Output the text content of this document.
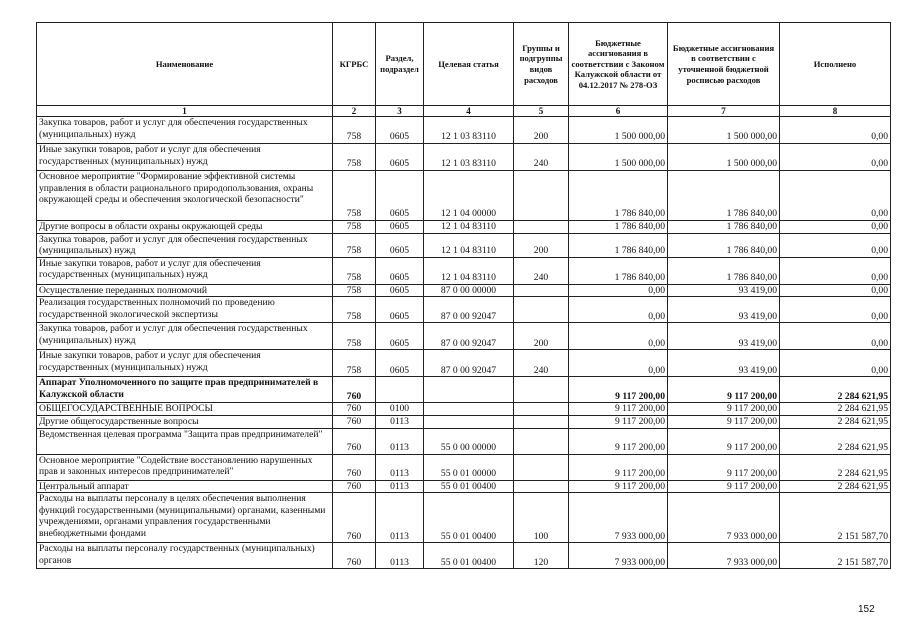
Наименование	КГРБС	Раздел, подраздел	Целевая статья	Группы и подгруппы видов расходов	Бюджетные ассигнования в соответствии с Законом Калужской области от 04.12.2017 № 278-ОЗ	Бюджетные ассигнования в соответствии с уточненной бюджетной росписью расходов	Исполнено
1	2	3	4	5	6	7	8
Закупка товаров, работ и услуг для обеспечения государственных (муниципальных) нужд	758	0605	12 1 03 83110	200	1 500 000,00	1 500 000,00	0,00
Иные закупки товаров, работ и услуг для обеспечения государственных (муниципальных) нужд	758	0605	12 1 03 83110	240	1 500 000,00	1 500 000,00	0,00
Основное мероприятие "Формирование эффективной системы управления в области рационального природопользования, охраны окружающей среды и обеспечения экологической безопасности"	758	0605	12 1 04 00000		1 786 840,00	1 786 840,00	0,00
Другие вопросы в области охраны окружающей среды	758	0605	12 1 04 83110		1 786 840,00	1 786 840,00	0,00
Закупка товаров, работ и услуг для обеспечения государственных (муниципальных) нужд	758	0605	12 1 04 83110	200	1 786 840,00	1 786 840,00	0,00
Иные закупки товаров, работ и услуг для обеспечения государственных (муниципальных) нужд	758	0605	12 1 04 83110	240	1 786 840,00	1 786 840,00	0,00
Осуществление переданных полномочий	758	0605	87 0 00 00000		0,00	93 419,00	0,00
Реализация государственных полномочий по проведению государственной экологической экспертизы	758	0605	87 0 00 92047		0,00	93 419,00	0,00
Закупка товаров, работ и услуг для обеспечения государственных (муниципальных) нужд	758	0605	87 0 00 92047	200	0,00	93 419,00	0,00
Иные закупки товаров, работ и услуг для обеспечения государственных (муниципальных) нужд	758	0605	87 0 00 92047	240	0,00	93 419,00	0,00
Аппарат Уполномоченного по защите прав предпринимателей в Калужской области	760				9 117 200,00	9 117 200,00	2 284 621,95
ОБЩЕГОСУДАРСТВЕННЫЕ ВОПРОСЫ	760	0100			9 117 200,00	9 117 200,00	2 284 621,95
Другие общегосударственные вопросы	760	0113			9 117 200,00	9 117 200,00	2 284 621,95
Ведомственная целевая программа "Защита прав предпринимателей"	760	0113	55 0 00 00000		9 117 200,00	9 117 200,00	2 284 621,95
Основное мероприятие "Содействие восстановлению нарушенных прав и законных интересов предпринимателей"	760	0113	55 0 01 00000		9 117 200,00	9 117 200,00	2 284 621,95
Центральный аппарат	760	0113	55 0 01 00400		9 117 200,00	9 117 200,00	2 284 621,95
Расходы на выплаты персоналу в целях обеспечения выполнения функций государственными (муниципальными) органами, казенными учреждениями, органами управления государственными внебюджетными фондами	760	0113	55 0 01 00400	100	7 933 000,00	7 933 000,00	2 151 587,70
Расходы на выплаты персоналу государственных (муниципальных) органов	760	0113	55 0 01 00400	120	7 933 000,00	7 933 000,00	2 151 587,70
152
